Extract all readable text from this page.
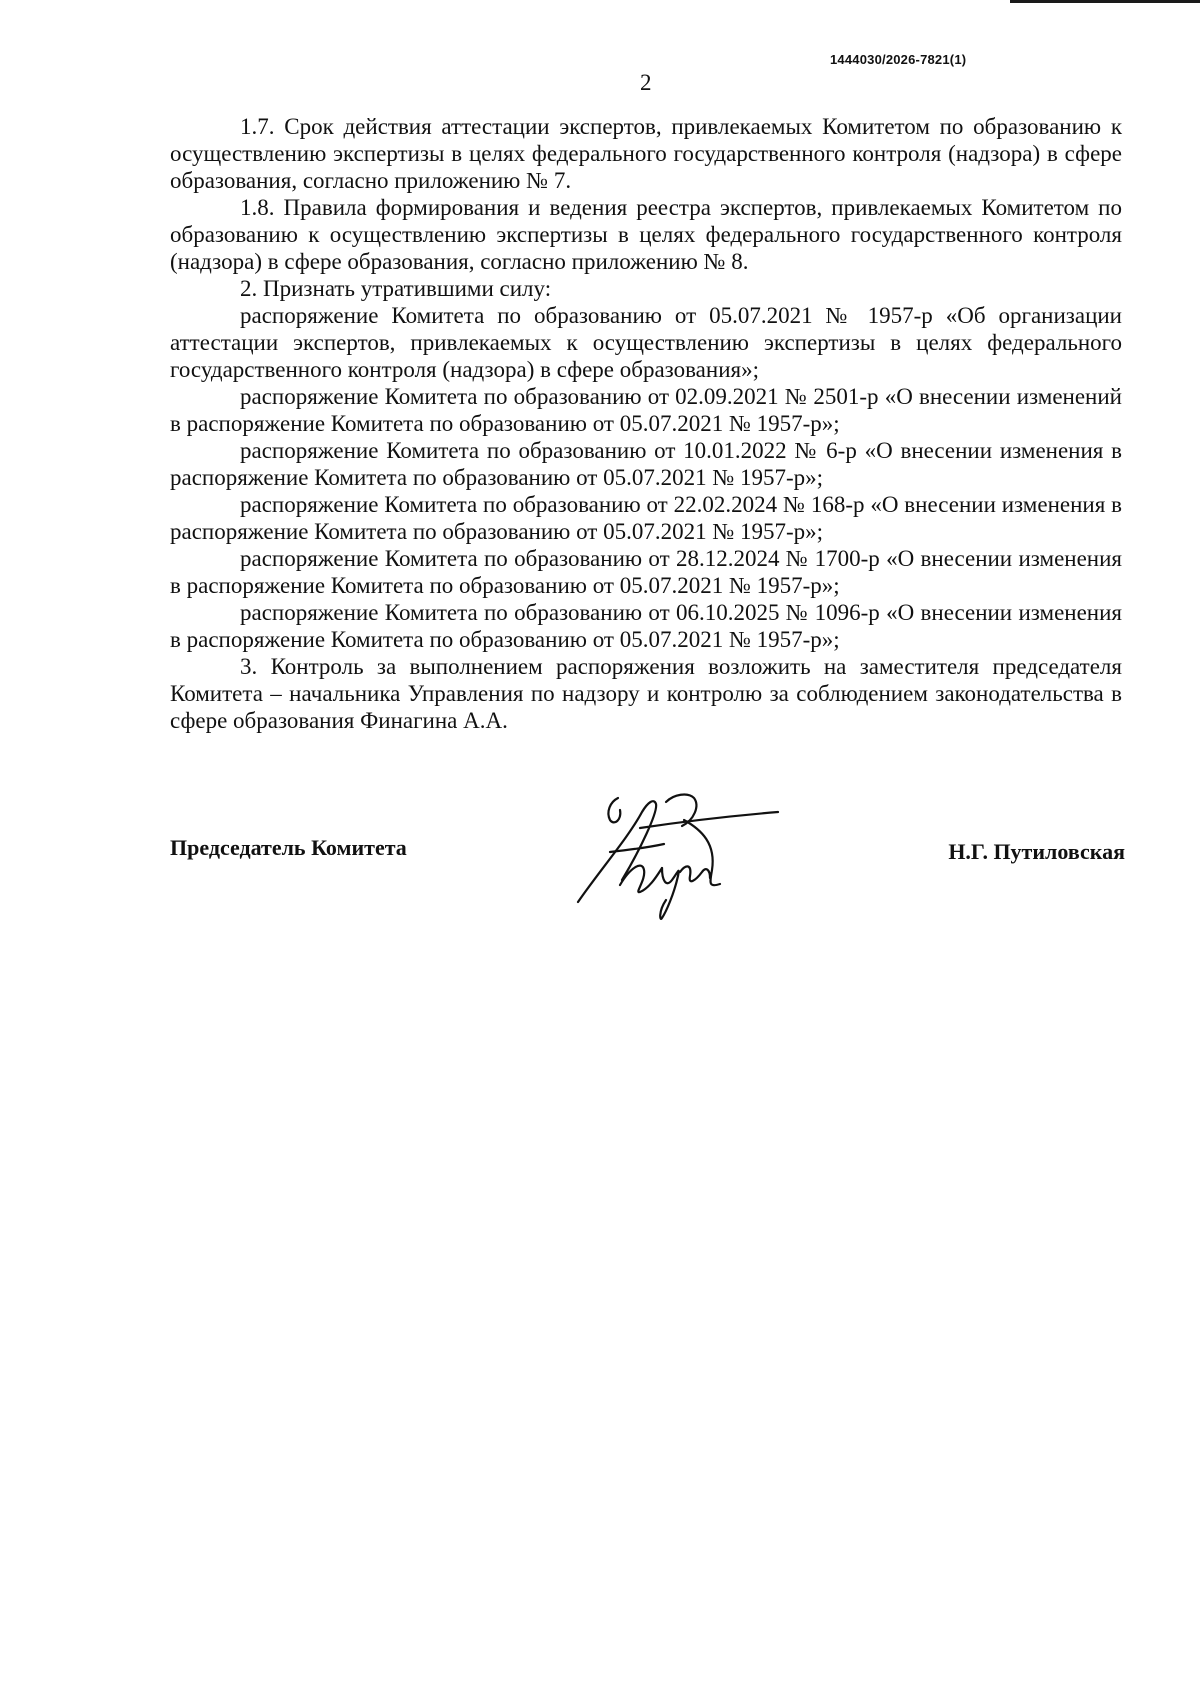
1444030/2026-7821(1)
2

1.7. Срок действия аттестации экспертов, привлекаемых Комитетом по образованию к осуществлению экспертизы в целях федерального государственного контроля (надзора) в сфере образования, согласно приложению № 7.

1.8. Правила формирования и ведения реестра экспертов, привлекаемых Комитетом по образованию к осуществлению экспертизы в целях федерального государственного контроля (надзора) в сфере образования, согласно приложению № 8.

2. Признать утратившими силу:

распоряжение Комитета по образованию от 05.07.2021 № 1957-р «Об организации аттестации экспертов, привлекаемых к осуществлению экспертизы в целях федерального государственного контроля (надзора) в сфере образования»;

распоряжение Комитета по образованию от 02.09.2021 № 2501-р «О внесении изменений в распоряжение Комитета по образованию от 05.07.2021 № 1957-р»;

распоряжение Комитета по образованию от 10.01.2022 № 6-р «О внесении изменения в распоряжение Комитета по образованию от 05.07.2021 № 1957-р»;

распоряжение Комитета по образованию от 22.02.2024 № 168-р «О внесении изменения в распоряжение Комитета по образованию от 05.07.2021 № 1957-р»;

распоряжение Комитета по образованию от 28.12.2024 № 1700-р «О внесении изменения в распоряжение Комитета по образованию от 05.07.2021 № 1957-р»;

распоряжение Комитета по образованию от 06.10.2025 № 1096-р «О внесении изменения в распоряжение Комитета по образованию от 05.07.2021 № 1957-р»;

3. Контроль за выполнением распоряжения возложить на заместителя председателя Комитета – начальника Управления по надзору и контролю за соблюдением законодательства в сфере образования Финагина А.А.

Председатель Комитета	Н.Г. Путиловская
